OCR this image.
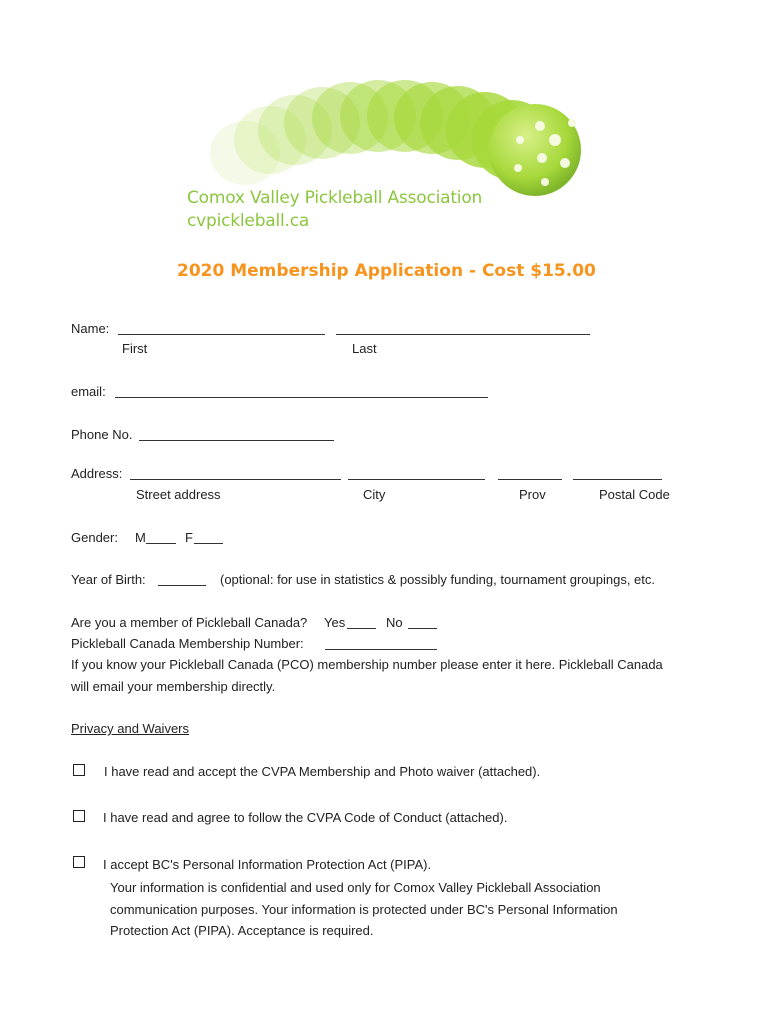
Comox Valley Pickleball Association
cvpickleball.ca
2020 Membership Application - Cost $15.00
Name:
First	Last
email:
Phone No.
Address:
Street address	City	Prov	Postal Code
Gender: M	F
Year of Birth:	(optional: for use in statistics & possibly funding, tournament groupings, etc.
Are you a member of Pickleball Canada? Yes	No
Pickleball Canada Membership Number:
If you know your Pickleball Canada (PCO) membership number please enter it here. Pickleball Canada
will email your membership directly.
Privacy and Waivers
I have read and accept the CVPA Membership and Photo waiver (attached).
I have read and agree to follow the CVPA Code of Conduct (attached).
I accept BC's Personal Information Protection Act (PIPA).
Your information is confidential and used only for Comox Valley Pickleball Association
communication purposes. Your information is protected under BC's Personal Information
Protection Act (PIPA). Acceptance is required.
